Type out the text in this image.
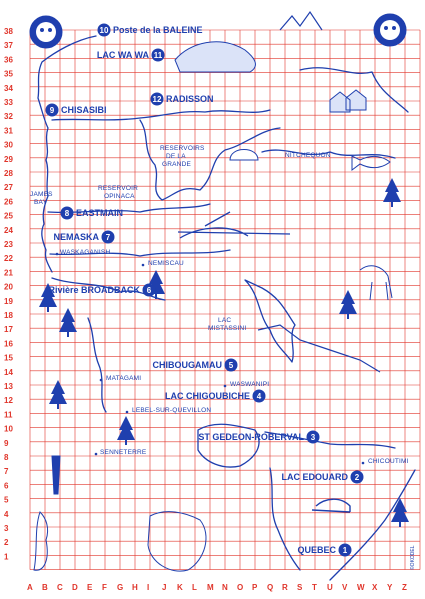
38
37
36
35
34
33
32
31
30
29
28
27
26
25
24
23
22
21
20
19
18
17
16
15
14
13
12
11
10
9
8
7
6
5
4
3
2
1
A B C D E F G H I J K L M N O P Q R S T U V W X Y Z
RESERVOIRS
DE LA
GRANDE
RESERVOIR
OPINACA
JAMES
BAY
NITCHEQUON
WASKAGANISH
NEMISCAU
LAC
MISTASSINI
MATAGAMI
WASWANIPI
LEBEL-SUR-QUEVILLON
SENNETERRE
CHICOUTIMI
10 Poste de la BALEINE
11
LAC WA WA
12 RADISSON
9 CHISASIBI
8 EASTMAIN
7
NEMASKA
6
Rivière BROADBACK
5
CHIBOUGAMAU
4
LAC CHIGOUBICHE
3
ST GEDEON-ROBERVAL
2
LAC EDOUARD
1
QUEBEC	©OKODEL
